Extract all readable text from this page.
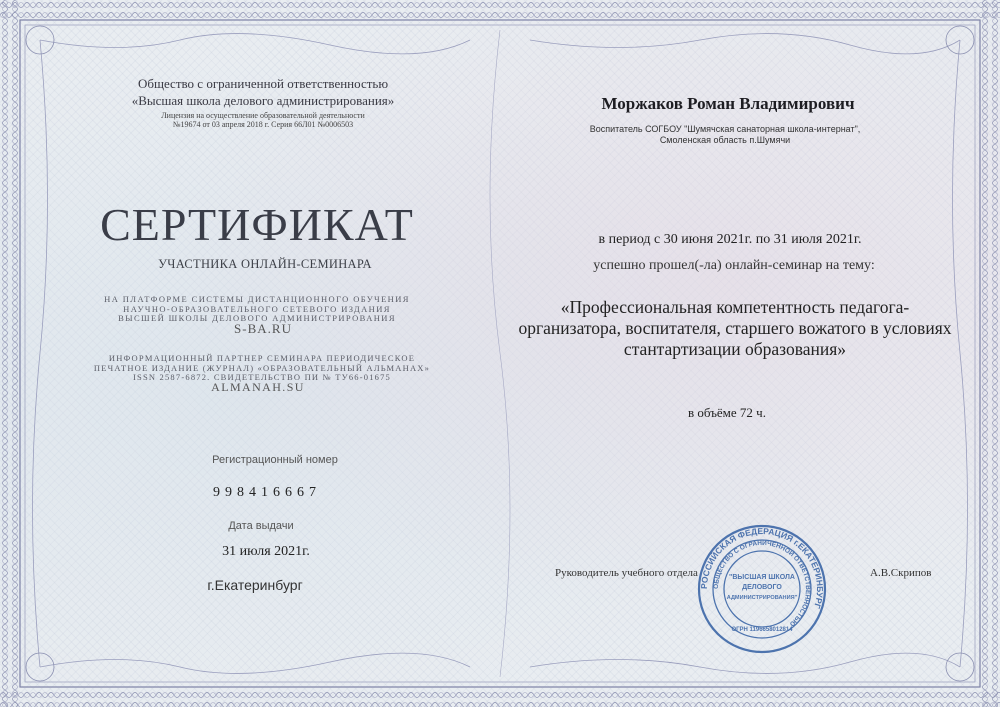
Общество с ограниченной ответственностью

«Высшая школа делового администрирования»

Лицензия на осуществление образовательной деятельности
№19674 от 03 апреля 2018 г. Серия 66Л01 №0006503
СЕРТИФИКАТ

УЧАСТНИКА ОНЛАЙН-СЕМИНАРА

НА ПЛАТФОРМЕ СИСТЕМЫ ДИСТАНЦИОННОГО ОБУЧЕНИЯ
НАУЧНО-ОБРАЗОВАТЕЛЬНОГО СЕТЕВОГО ИЗДАНИЯ
ВЫСШЕЙ ШКОЛЫ ДЕЛОВОГО АДМИНИСТРИРОВАНИЯ

S-BA.RU

ИНФОРМАЦИОННЫЙ ПАРТНЕР СЕМИНАРА ПЕРИОДИЧЕСКОЕ
ПЕЧАТНОЕ ИЗДАНИЕ (ЖУРНАЛ) «ОБРАЗОВАТЕЛЬНЫЙ АЛЬМАНАХ»
ISSN 2587-6872. СВИДЕТЕЛЬСТВО ПИ № ТУ66-01675

ALMANAH.SU

Регистрационный номер

998416667

Дата выдачи

31 июля 2021г.

г.Екатеринбург

Моржаков Роман Владимирович

Воспитатель СОГБОУ "Шумячская санаторная школа-интернат",
Смоленская область п.Шумячи

в период с 30 июня 2021г. по 31 июля 2021г.

успешно прошел(-ла) онлайн-семинар на тему:

«Профессиональная компетентность педагога-организатора, воспитателя, старшего вожатого в условиях стантартизации образования»

в объёме 72 ч.

Руководитель учебного отдела	А.В.Скрипов

РОССИЙСКАЯ ФЕДЕРАЦИЯ г.ЕКАТЕРИНБУРГ
ОБЩЕСТВО С ОГРАНИЧЕННОЙ ОТВЕТСТВЕННОСТЬЮ
"ВЫСШАЯ ШКОЛА
ДЕЛОВОГО
АДМИНИСТРИРОВАНИЯ"
ОГРН 1196658012814
